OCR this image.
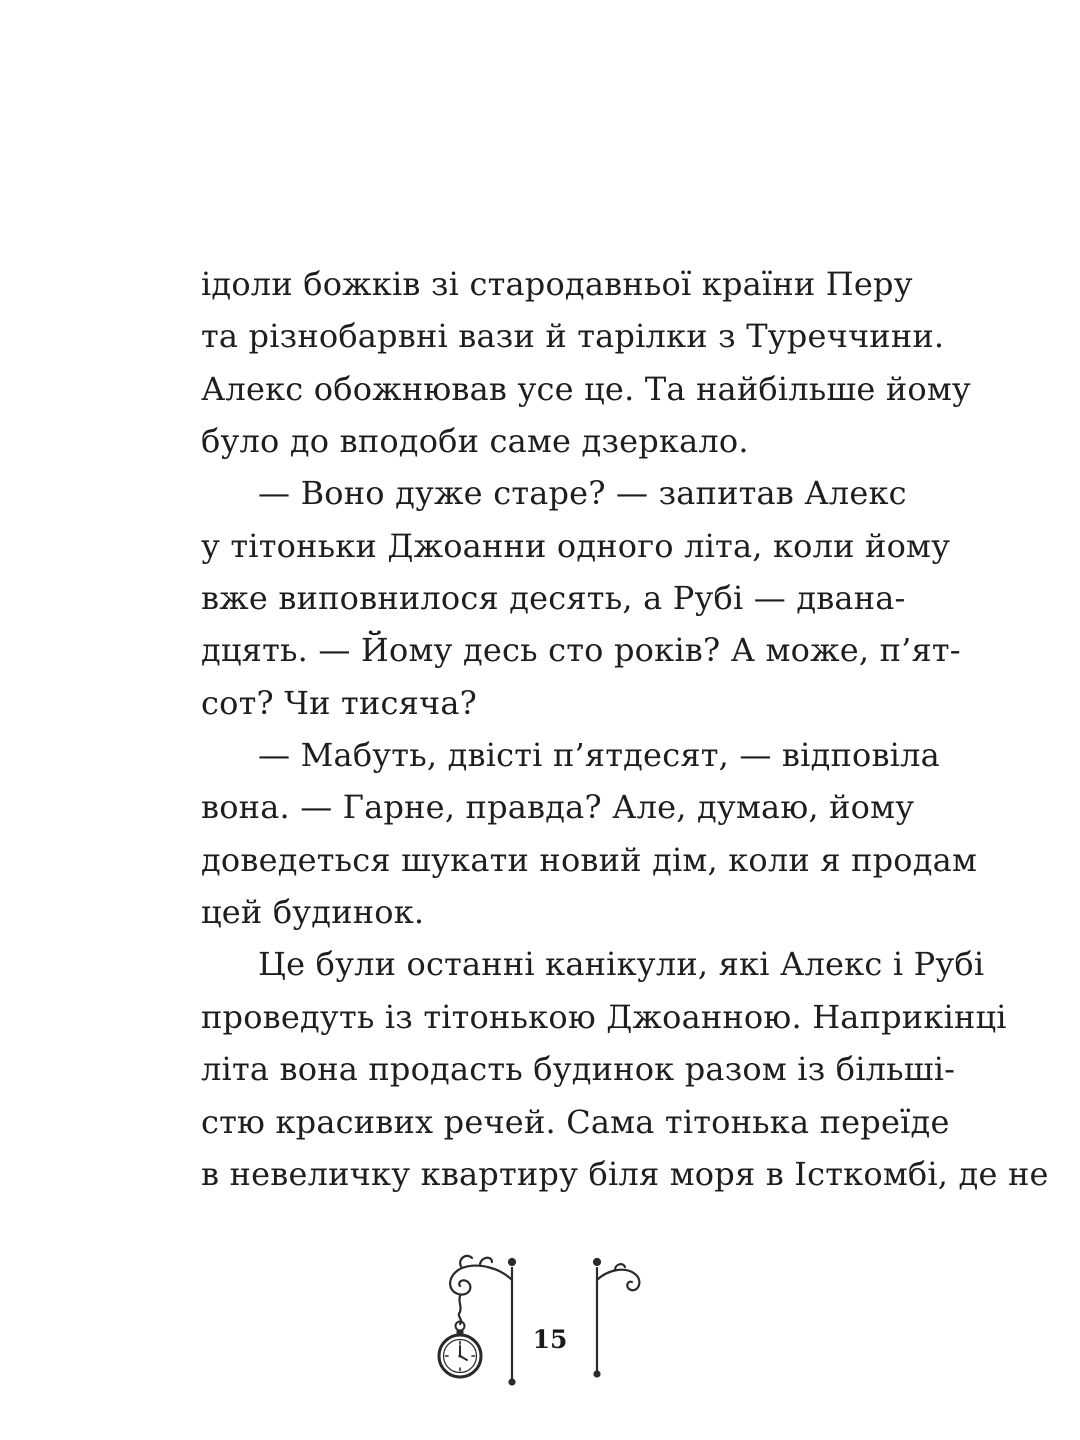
ідоли божків зі стародавньої країни Перу
та різнобарвні вази й тарілки з Туреччини.
Алекс обожнював усе це. Та найбільше йому
було до вподоби саме дзеркало.
— Воно дуже старе? — запитав Алекс
у тітоньки Джоанни одного літа, коли йому
вже виповнилося десять, а Рубі — двана-
дцять. — Йому десь сто років? А може, п’ят-
сот? Чи тисяча?
— Мабуть, двісті п’ятдесят, — відповіла
вона. — Гарне, правда? Але, думаю, йому
доведеться шукати новий дім, коли я продам
цей будинок.
Це були останні канікули, які Алекс і Рубі
проведуть із тітонькою Джоанною. Наприкінці
літа вона продасть будинок разом із більші-
стю красивих речей. Сама тітонька переїде
в невеличку квартиру біля моря в Істкомбі, де не
15
